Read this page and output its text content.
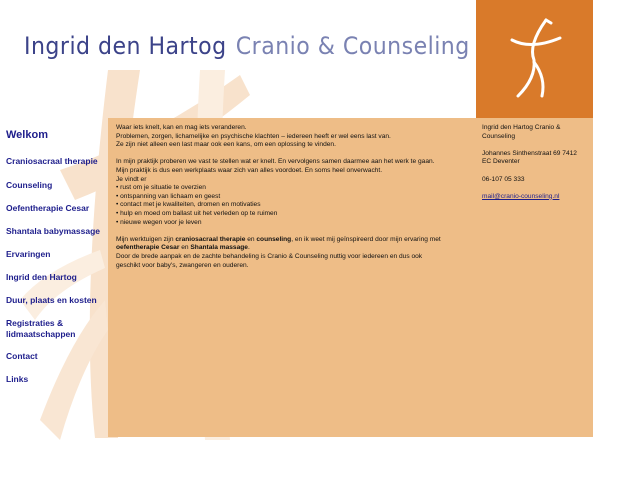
Ingrid den Hartog Cranio & Counseling
Welkom
Craniosacraal therapie
Counseling
Oefentherapie Cesar
Shantala babymassage
Ervaringen
Ingrid den Hartog
Duur, plaats en kosten
Registraties & lidmaatschappen
Contact
Links

Waar iets knelt, kan en mag iets veranderen.
Problemen, zorgen, lichamelijke en psychische klachten – iedereen heeft er wel eens last van.
Ze zijn niet alleen een last maar ook een kans, om een oplossing te vinden.

In mijn praktijk proberen we vast te stellen wat er knelt. En vervolgens samen daarmee aan het werk te gaan.
Mijn praktijk is dus een werkplaats waar zich van alles voordoet. En soms heel onverwacht.
Je vindt er
• rust om je situatie te overzien
• ontspanning van lichaam en geest
• contact met je kwaliteiten, dromen en motivaties
• hulp en moed om ballast uit het verleden op te ruimen
• nieuwe wegen voor je leven

Mijn werktuigen zijn craniosacraal therapie en counseling, en ik weet mij geïnspireerd door mijn ervaring met oefentherapie Cesar en Shantala massage.
Door de brede aanpak en de zachte behandeling is Cranio & Counseling nuttig voor iedereen en dus ook geschikt voor baby's, zwangeren en ouderen.

Ingrid den Hartog Cranio & Counseling

Johannes Sinthenstraat 69 7412 EC Deventer

06-107 05 333

mail@cranio-counseling.nl
